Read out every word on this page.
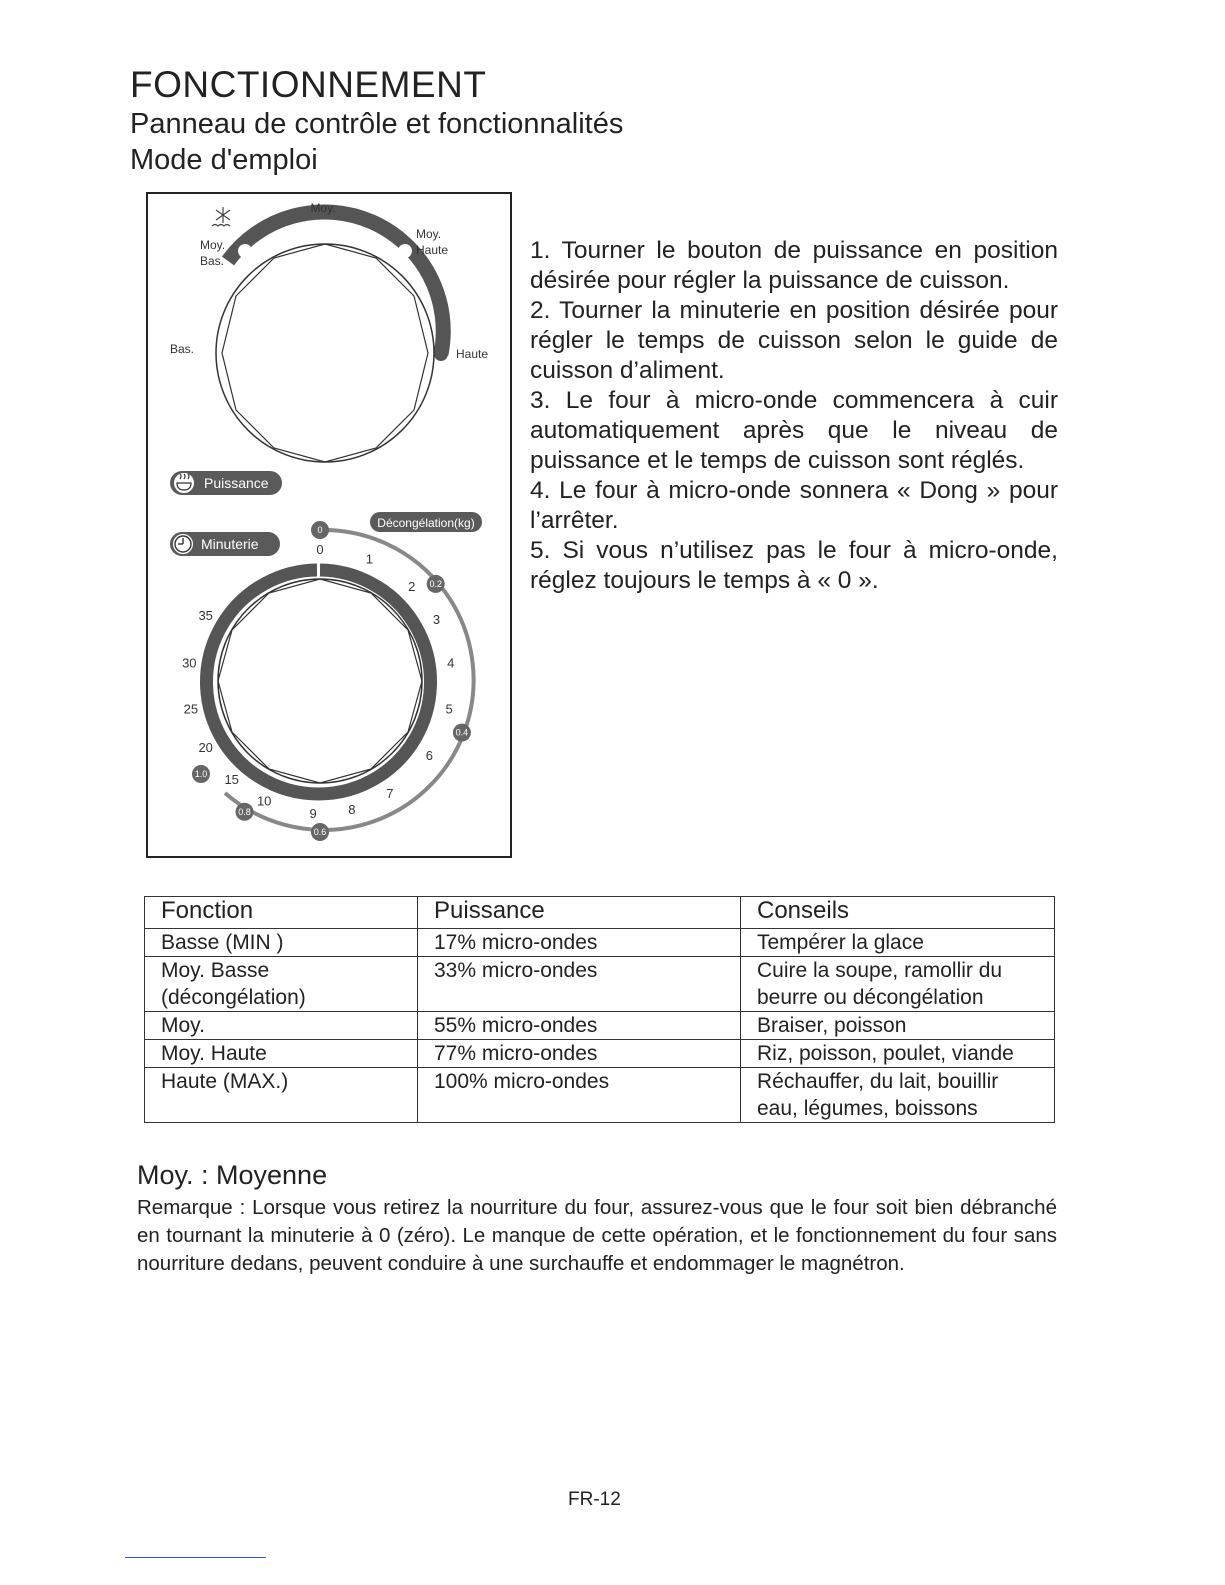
FONCTIONNEMENT
Panneau de contrôle et fonctionnalités
Mode d'emploi
Moy.
Moy.
Bas.
Moy.
Haute
Bas.	Haute
Puissance
Minuterie
Décongélation(kg)
0
1
2
3
4
5
6
7
8
9
10
15
20
25
30
35
0
0.2
0.4
0.6
0.8
1.0

1. Tourner le bouton de puissance en position désirée pour régler la puissance de cuisson.

2. Tourner la minuterie en position désirée pour régler le temps de cuisson selon le guide de cuisson d’aliment.

3. Le four à micro-onde commencera à cuir automatiquement après que le niveau de puissance et le temps de cuisson sont réglés.

4. Le four à micro-onde sonnera « Dong » pour l’arrêter.

5. Si vous n’utilisez pas le four à micro-onde, réglez toujours le temps à « 0 ».

Fonction	Puissance	Conseils
Basse (MIN )	17% micro-ondes	Tempérer la glace
Moy. Basse (décongélation)	33% micro-ondes	Cuire la soupe, ramollir du beurre ou décongélation
Moy.	55% micro-ondes	Braiser, poisson
Moy. Haute	77% micro-ondes	Riz, poisson, poulet, viande
Haute (MAX.)	100% micro-ondes	Réchauffer, du lait, bouillir eau, légumes, boissons
Moy. : Moyenne
Remarque : Lorsque vous retirez la nourriture du four, assurez-vous que le four soit bien débranché en tournant la minuterie à 0 (zéro). Le manque de cette opération, et le fonctionnement du four sans nourriture dedans, peuvent conduire à une surchauffe et endommager le magnétron.
FR-12
